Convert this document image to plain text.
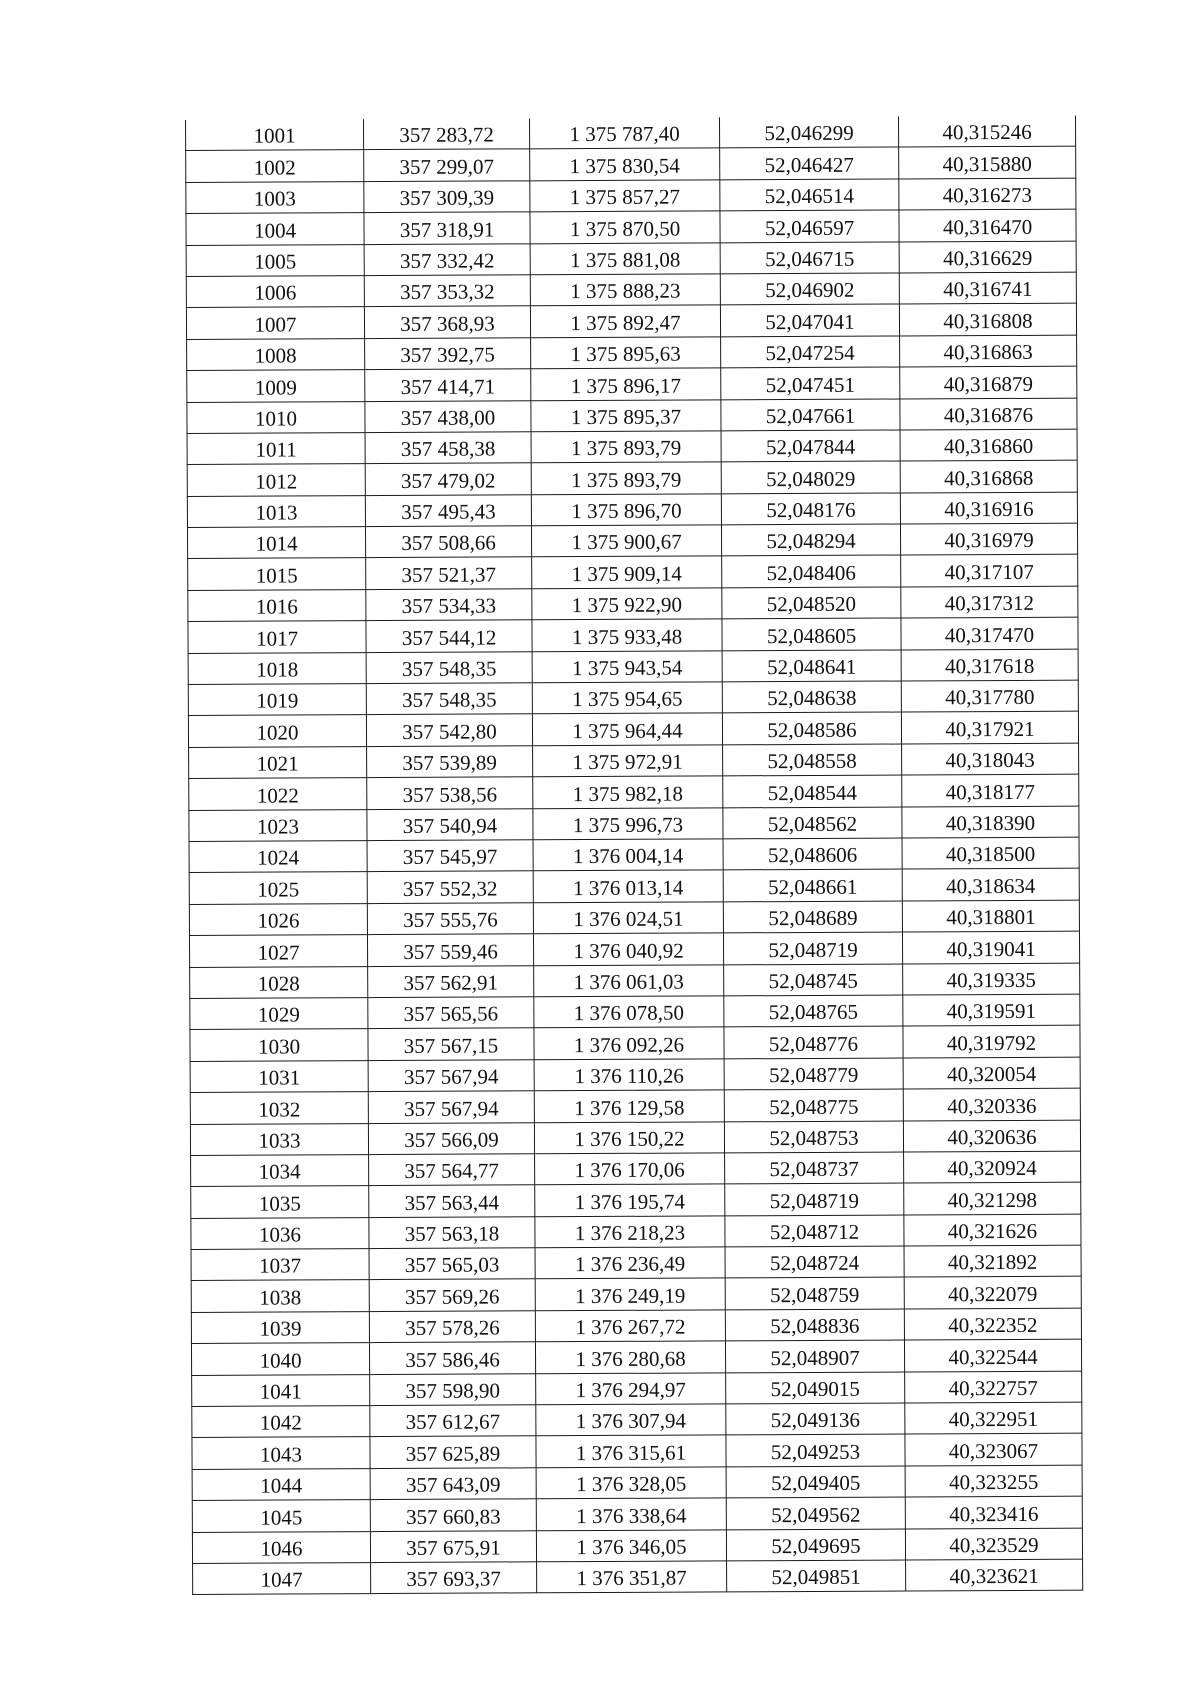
1001	357 283,72	1 375 787,40	52,046299	40,315246
1002	357 299,07	1 375 830,54	52,046427	40,315880
1003	357 309,39	1 375 857,27	52,046514	40,316273
1004	357 318,91	1 375 870,50	52,046597	40,316470
1005	357 332,42	1 375 881,08	52,046715	40,316629
1006	357 353,32	1 375 888,23	52,046902	40,316741
1007	357 368,93	1 375 892,47	52,047041	40,316808
1008	357 392,75	1 375 895,63	52,047254	40,316863
1009	357 414,71	1 375 896,17	52,047451	40,316879
1010	357 438,00	1 375 895,37	52,047661	40,316876
1011	357 458,38	1 375 893,79	52,047844	40,316860
1012	357 479,02	1 375 893,79	52,048029	40,316868
1013	357 495,43	1 375 896,70	52,048176	40,316916
1014	357 508,66	1 375 900,67	52,048294	40,316979
1015	357 521,37	1 375 909,14	52,048406	40,317107
1016	357 534,33	1 375 922,90	52,048520	40,317312
1017	357 544,12	1 375 933,48	52,048605	40,317470
1018	357 548,35	1 375 943,54	52,048641	40,317618
1019	357 548,35	1 375 954,65	52,048638	40,317780
1020	357 542,80	1 375 964,44	52,048586	40,317921
1021	357 539,89	1 375 972,91	52,048558	40,318043
1022	357 538,56	1 375 982,18	52,048544	40,318177
1023	357 540,94	1 375 996,73	52,048562	40,318390
1024	357 545,97	1 376 004,14	52,048606	40,318500
1025	357 552,32	1 376 013,14	52,048661	40,318634
1026	357 555,76	1 376 024,51	52,048689	40,318801
1027	357 559,46	1 376 040,92	52,048719	40,319041
1028	357 562,91	1 376 061,03	52,048745	40,319335
1029	357 565,56	1 376 078,50	52,048765	40,319591
1030	357 567,15	1 376 092,26	52,048776	40,319792
1031	357 567,94	1 376 110,26	52,048779	40,320054
1032	357 567,94	1 376 129,58	52,048775	40,320336
1033	357 566,09	1 376 150,22	52,048753	40,320636
1034	357 564,77	1 376 170,06	52,048737	40,320924
1035	357 563,44	1 376 195,74	52,048719	40,321298
1036	357 563,18	1 376 218,23	52,048712	40,321626
1037	357 565,03	1 376 236,49	52,048724	40,321892
1038	357 569,26	1 376 249,19	52,048759	40,322079
1039	357 578,26	1 376 267,72	52,048836	40,322352
1040	357 586,46	1 376 280,68	52,048907	40,322544
1041	357 598,90	1 376 294,97	52,049015	40,322757
1042	357 612,67	1 376 307,94	52,049136	40,322951
1043	357 625,89	1 376 315,61	52,049253	40,323067
1044	357 643,09	1 376 328,05	52,049405	40,323255
1045	357 660,83	1 376 338,64	52,049562	40,323416
1046	357 675,91	1 376 346,05	52,049695	40,323529
1047	357 693,37	1 376 351,87	52,049851	40,323621
